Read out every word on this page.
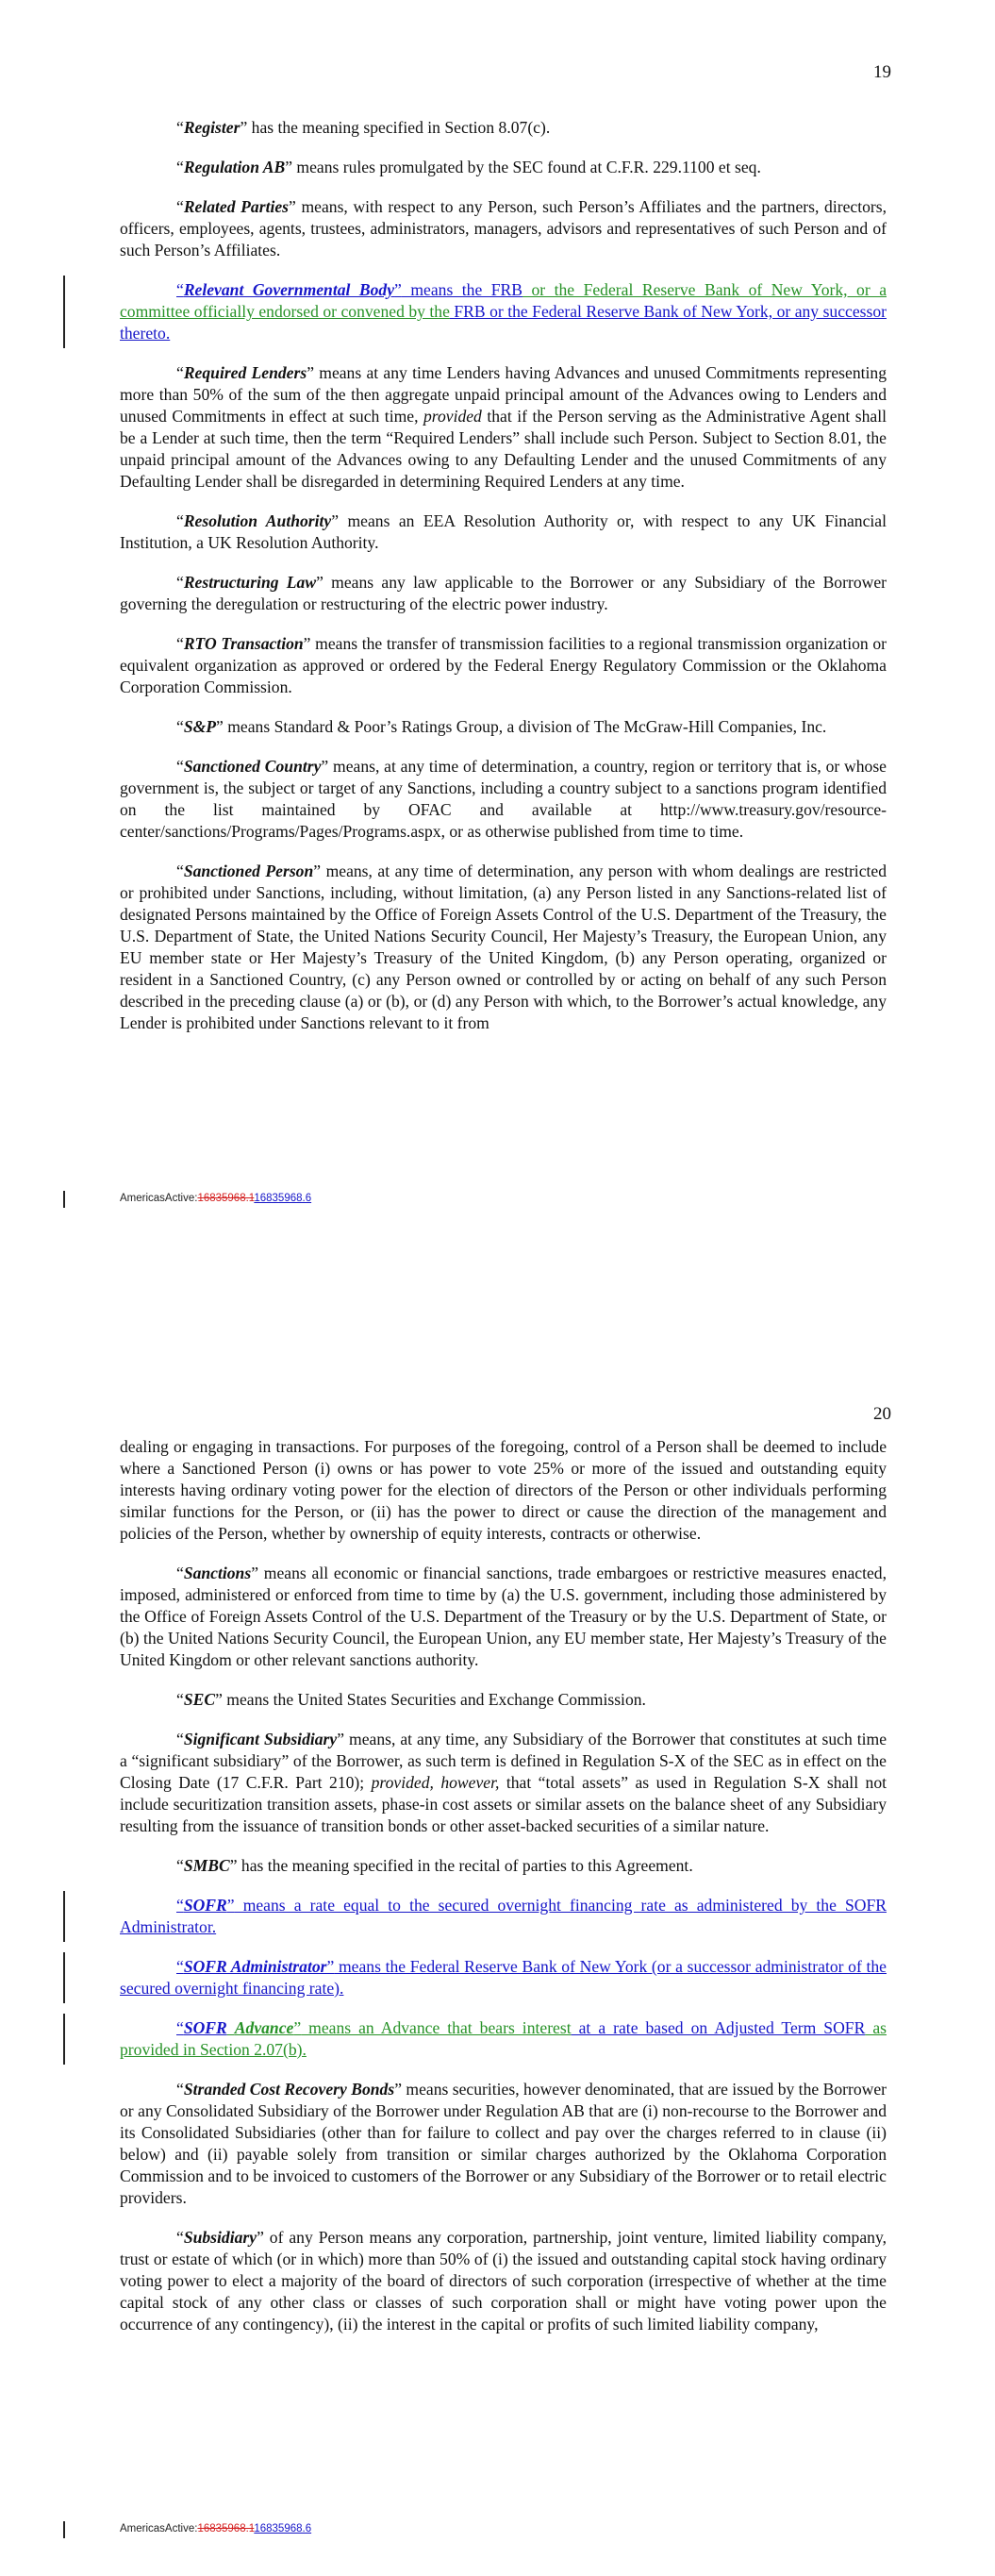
19

“Register” has the meaning specified in Section 8.07(c).

“Regulation AB” means rules promulgated by the SEC found at C.F.R. 229.1100 et seq.

“Related Parties” means, with respect to any Person, such Person’s Affiliates and the partners, directors, officers, employees, agents, trustees, administrators, managers, advisors and representatives of such Person and of such Person’s Affiliates.

“Relevant Governmental Body” means the FRB or the Federal Reserve Bank of New York, or a committee officially endorsed or convened by the FRB or the Federal Reserve Bank of New York, or any successor thereto.

“Required Lenders” means at any time Lenders having Advances and unused Commitments representing more than 50% of the sum of the then aggregate unpaid principal amount of the Advances owing to Lenders and unused Commitments in effect at such time, provided that if the Person serving as the Administrative Agent shall be a Lender at such time, then the term “Required Lenders” shall include such Person. Subject to Section 8.01, the unpaid principal amount of the Advances owing to any Defaulting Lender and the unused Commitments of any Defaulting Lender shall be disregarded in determining Required Lenders at any time.

“Resolution Authority” means an EEA Resolution Authority or, with respect to any UK Financial Institution, a UK Resolution Authority.

“Restructuring Law” means any law applicable to the Borrower or any Subsidiary of the Borrower governing the deregulation or restructuring of the electric power industry.

“RTO Transaction” means the transfer of transmission facilities to a regional transmission organization or equivalent organization as approved or ordered by the Federal Energy Regulatory Commission or the Oklahoma Corporation Commission.

“S&P” means Standard & Poor’s Ratings Group, a division of The McGraw-Hill Companies, Inc.

“Sanctioned Country” means, at any time of determination, a country, region or territory that is, or whose government is, the subject or target of any Sanctions, including a country subject to a sanctions program identified on the list maintained by OFAC and available at http://www.treasury.gov/resource-center/sanctions/Programs/Pages/Programs.aspx, or as otherwise published from time to time.

“Sanctioned Person” means, at any time of determination, any person with whom dealings are restricted or prohibited under Sanctions, including, without limitation, (a) any Person listed in any Sanctions-related list of designated Persons maintained by the Office of Foreign Assets Control of the U.S. Department of the Treasury, the U.S. Department of State, the United Nations Security Council, Her Majesty’s Treasury, the European Union, any EU member state or Her Majesty’s Treasury of the United Kingdom, (b) any Person operating, organized or resident in a Sanctioned Country, (c) any Person owned or controlled by or acting on behalf of any such Person described in the preceding clause (a) or (b), or (d) any Person with which, to the Borrower’s actual knowledge, any Lender is prohibited under Sanctions relevant to it from

AmericasActive:16835968.116835968.6
20

dealing or engaging in transactions. For purposes of the foregoing, control of a Person shall be deemed to include where a Sanctioned Person (i) owns or has power to vote 25% or more of the issued and outstanding equity interests having ordinary voting power for the election of directors of the Person or other individuals performing similar functions for the Person, or (ii) has the power to direct or cause the direction of the management and policies of the Person, whether by ownership of equity interests, contracts or otherwise.

“Sanctions” means all economic or financial sanctions, trade embargoes or restrictive measures enacted, imposed, administered or enforced from time to time by (a) the U.S. government, including those administered by the Office of Foreign Assets Control of the U.S. Department of the Treasury or by the U.S. Department of State, or (b) the United Nations Security Council, the European Union, any EU member state, Her Majesty’s Treasury of the United Kingdom or other relevant sanctions authority.

“SEC” means the United States Securities and Exchange Commission.

“Significant Subsidiary” means, at any time, any Subsidiary of the Borrower that constitutes at such time a “significant subsidiary” of the Borrower, as such term is defined in Regulation S-X of the SEC as in effect on the Closing Date (17 C.F.R. Part 210); provided, however, that “total assets” as used in Regulation S-X shall not include securitization transition assets, phase-in cost assets or similar assets on the balance sheet of any Subsidiary resulting from the issuance of transition bonds or other asset-backed securities of a similar nature.

“SMBC” has the meaning specified in the recital of parties to this Agreement.

“SOFR” means a rate equal to the secured overnight financing rate as administered by the SOFR Administrator.

“SOFR Administrator” means the Federal Reserve Bank of New York (or a successor administrator of the secured overnight financing rate).

“SOFR Advance” means an Advance that bears interest at a rate based on Adjusted Term SOFR as provided in Section 2.07(b).

“Stranded Cost Recovery Bonds” means securities, however denominated, that are issued by the Borrower or any Consolidated Subsidiary of the Borrower under Regulation AB that are (i) non-recourse to the Borrower and its Consolidated Subsidiaries (other than for failure to collect and pay over the charges referred to in clause (ii) below) and (ii) payable solely from transition or similar charges authorized by the Oklahoma Corporation Commission and to be invoiced to customers of the Borrower or any Subsidiary of the Borrower or to retail electric providers.

“Subsidiary” of any Person means any corporation, partnership, joint venture, limited liability company, trust or estate of which (or in which) more than 50% of (i) the issued and outstanding capital stock having ordinary voting power to elect a majority of the board of directors of such corporation (irrespective of whether at the time capital stock of any other class or classes of such corporation shall or might have voting power upon the occurrence of any contingency), (ii) the interest in the capital or profits of such limited liability company,

AmericasActive:16835968.116835968.6
